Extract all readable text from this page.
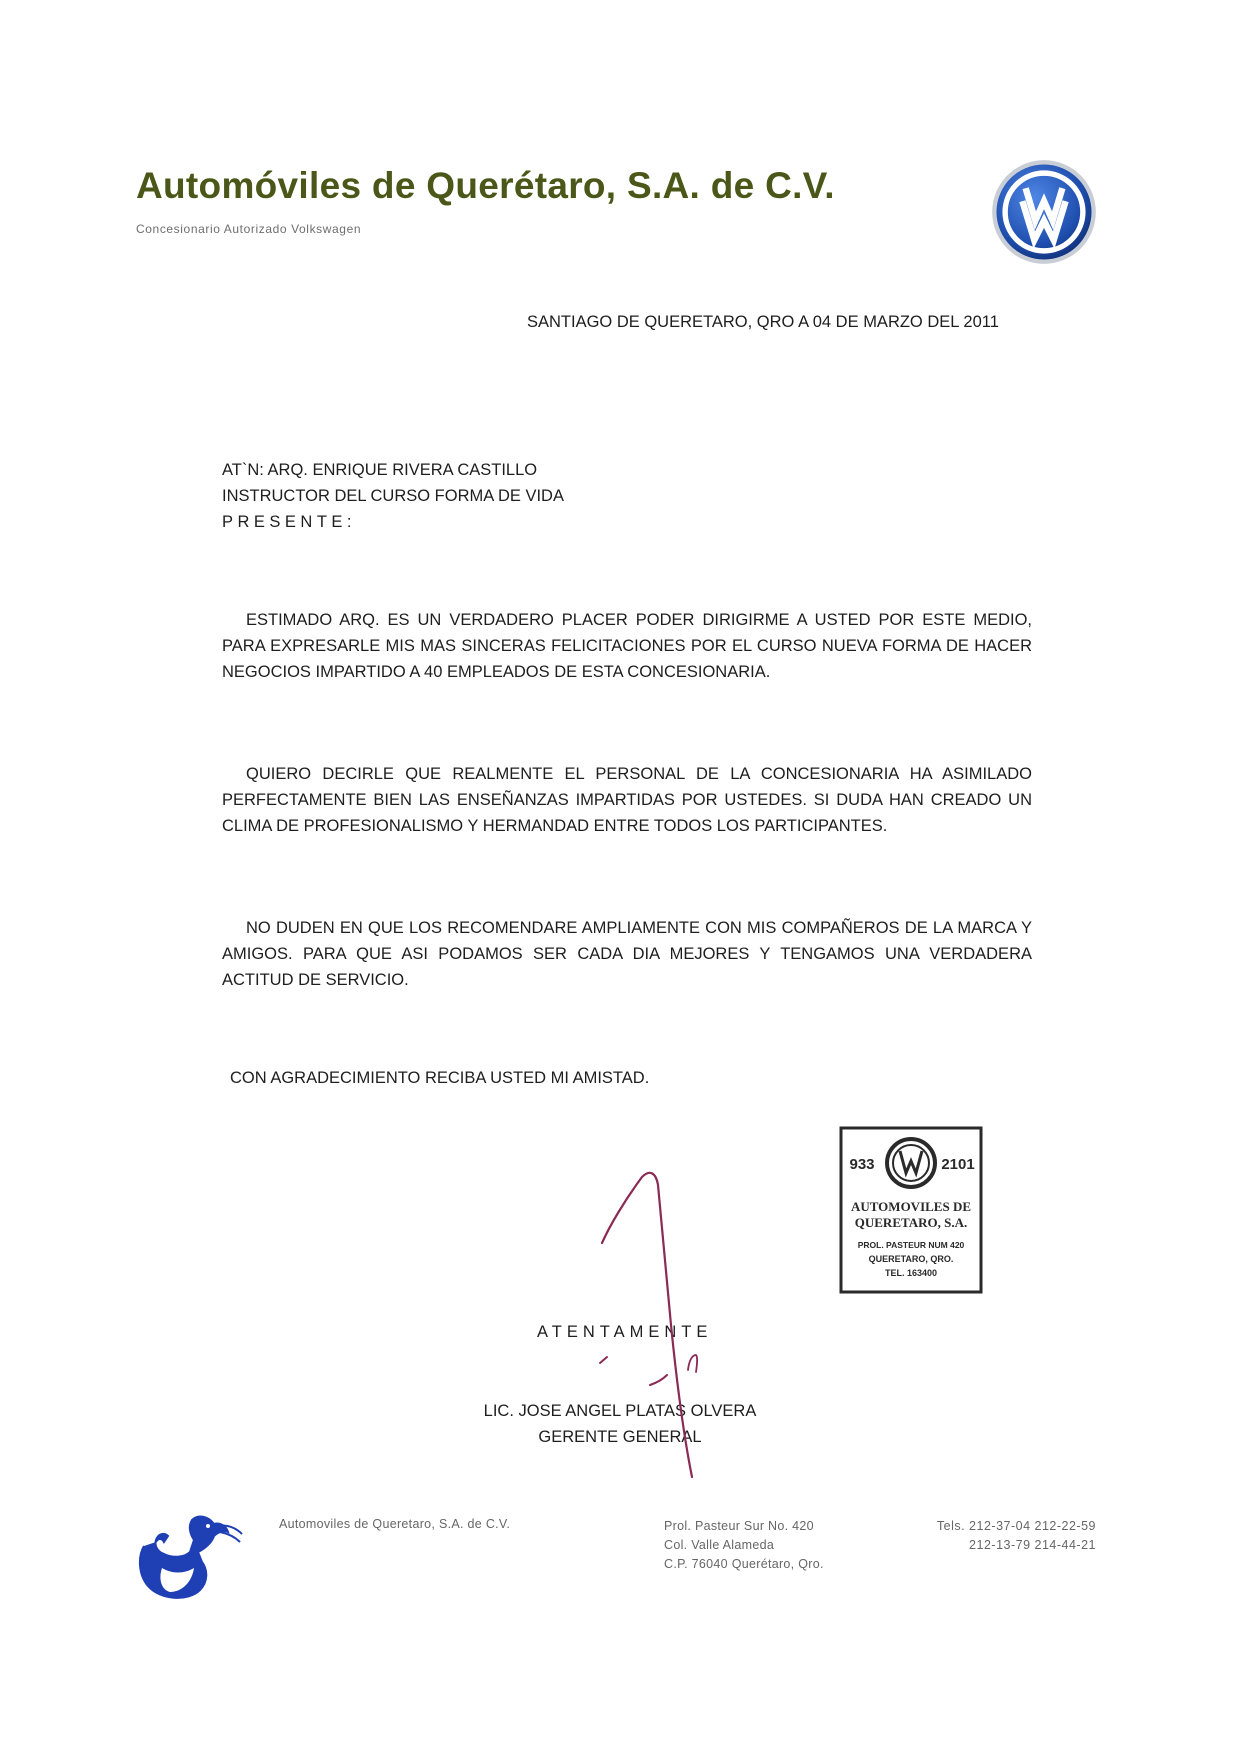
Automóviles de Querétaro, S.A. de C.V.
Concesionario Autorizado Volkswagen
SANTIAGO DE QUERETARO, QRO A 04 DE MARZO DEL 2011
AT`N: ARQ. ENRIQUE RIVERA CASTILLO
INSTRUCTOR DEL CURSO FORMA DE VIDA
PRESENTE:
ESTIMADO ARQ. ES UN VERDADERO PLACER PODER DIRIGIRME A USTED POR ESTE MEDIO, PARA EXPRESARLE MIS MAS SINCERAS FELICITACIONES POR EL CURSO NUEVA FORMA DE HACER NEGOCIOS IMPARTIDO A 40 EMPLEADOS DE ESTA CONCESIONARIA.
QUIERO DECIRLE QUE REALMENTE EL PERSONAL DE LA CONCESIONARIA HA ASIMILADO PERFECTAMENTE BIEN LAS ENSEÑANZAS IMPARTIDAS POR USTEDES. SI DUDA HAN CREADO UN CLIMA DE PROFESIONALISMO Y HERMANDAD ENTRE TODOS LOS PARTICIPANTES.
NO DUDEN EN QUE LOS RECOMENDARE AMPLIAMENTE CON MIS COMPAÑEROS DE LA MARCA Y AMIGOS. PARA QUE ASI PODAMOS SER CADA DIA MEJORES Y TENGAMOS UNA VERDADERA ACTITUD DE SERVICIO.
CON AGRADECIMIENTO RECIBA USTED MI AMISTAD.
933	2101
AUTOMOVILES DE
QUERETARO, S.A.
PROL. PASTEUR NUM 420
QUERETARO, QRO.
TEL. 163400
ATENTAMENTE
LIC. JOSE ANGEL PLATAS OLVERA
GERENTE GENERAL
Automoviles de Queretaro, S.A. de C.V.	Prol. Pasteur Sur No. 420
Col. Valle Alameda
C.P. 76040 Querétaro, Qro.
Tels. 212-37-04 212-22-59
212-13-79 214-44-21
